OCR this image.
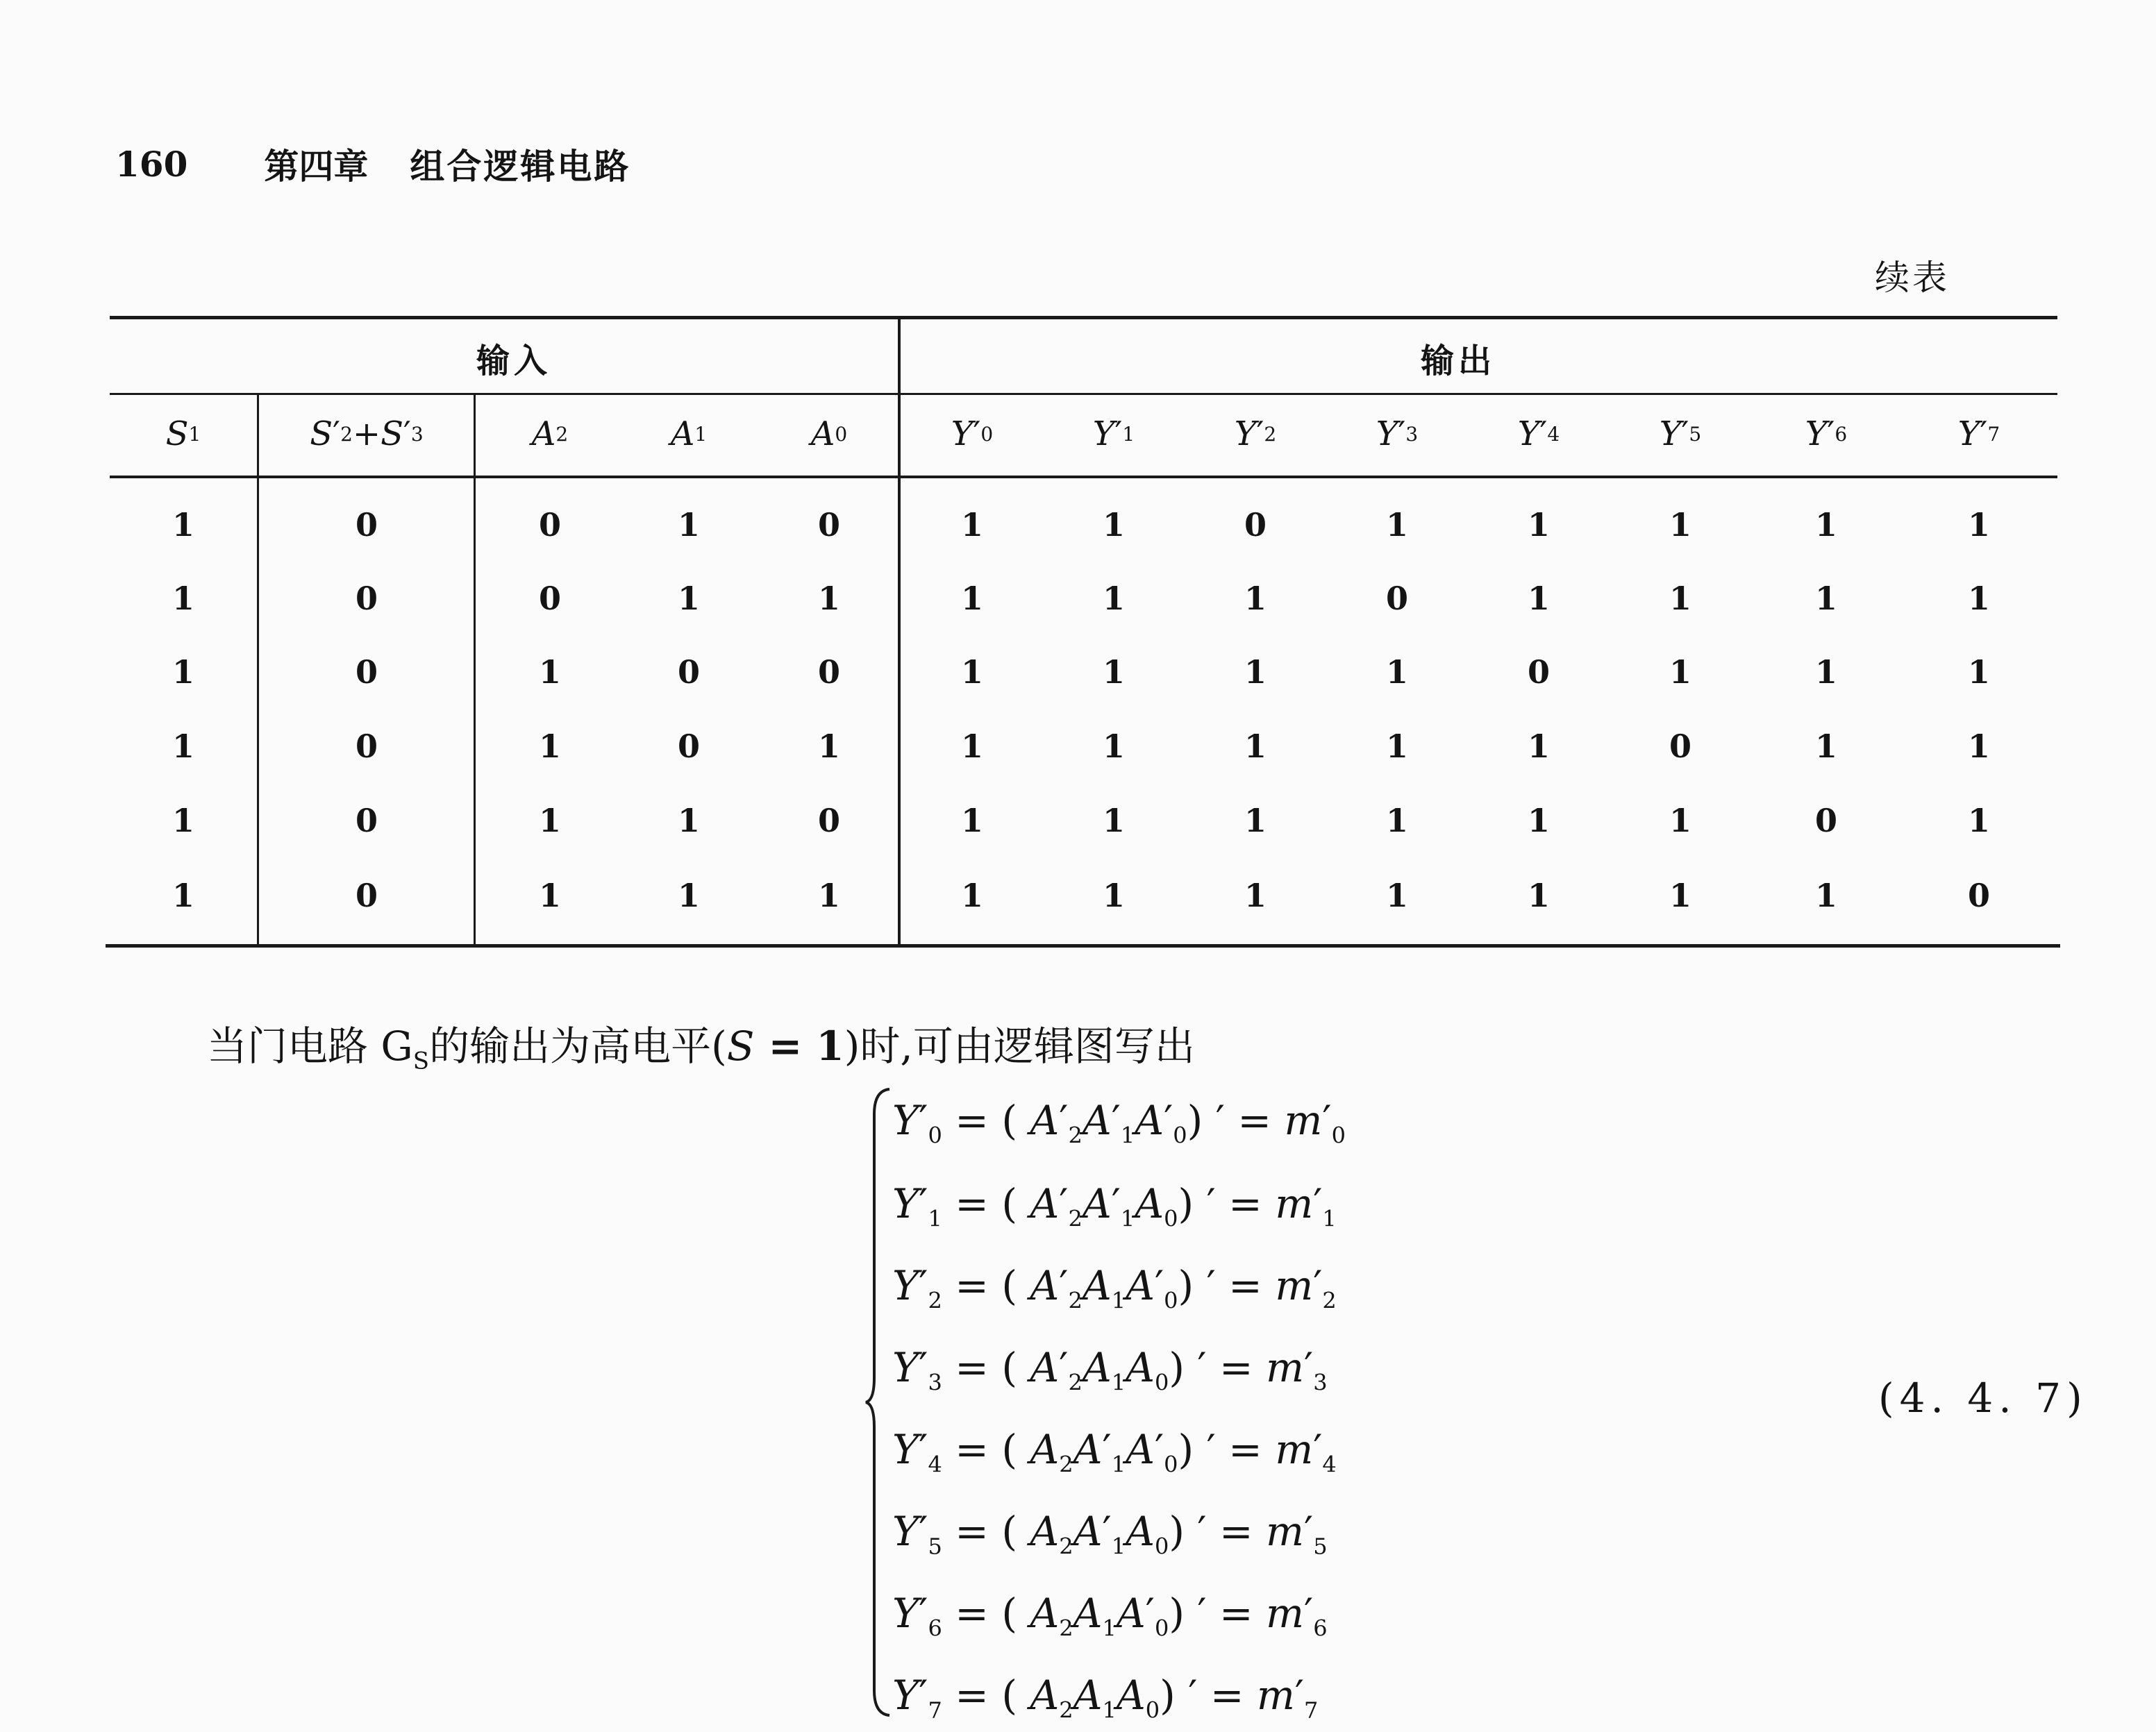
160 第四章 组合逻辑电路
续表
输入	输出
S 1	S ′ 2 + S ′ 3	A 2	A 1	A 0	Y ′ 0	Y ′ 1	Y ′ 2	Y ′ 3	Y ′ 4	Y ′ 5	Y ′ 6	Y ′ 7
1	0	0	1	0	1	1	0	1	1	1	1	1
1	0	0	1	1	1	1	1	0	1	1	1	1
1	0	1	0	0	1	1	1	1	0	1	1	1
1	0	1	0	1	1	1	1	1	1	0	1	1
1	0	1	1	0	1	1	1	1	1	1	0	1
1	0	1	1	1	1	1	1	1	1	1	1	0
当门电路 $G_S$的输出为高电平(S = 1)时,可由逻辑图写出
$Y'_0$ = ( $A'_2A'_1A'_0$) ′ = $m'_0$
$Y'_1$ = ( $A'_2A'_1A_0$) ′ = $m'_1$
$Y'_2$ = ( $A'_2A_1A'_0$) ′ = $m'_2$
$Y'_3$ = ( $A'_2A_1A_0$) ′ = $m'_3$
$Y'_4$ = ( $A_2A'_1A'_0$) ′ = $m'_4$
$Y'_5$ = ( $A_2A'_1A_0$) ′ = $m'_5$
$Y'_6$ = ( $A_2A_1A'_0$) ′ = $m'_6$
$Y'_7$ = ( $A_2A_1A_0$) ′ = $m'_7$
(4. 4. 7)
